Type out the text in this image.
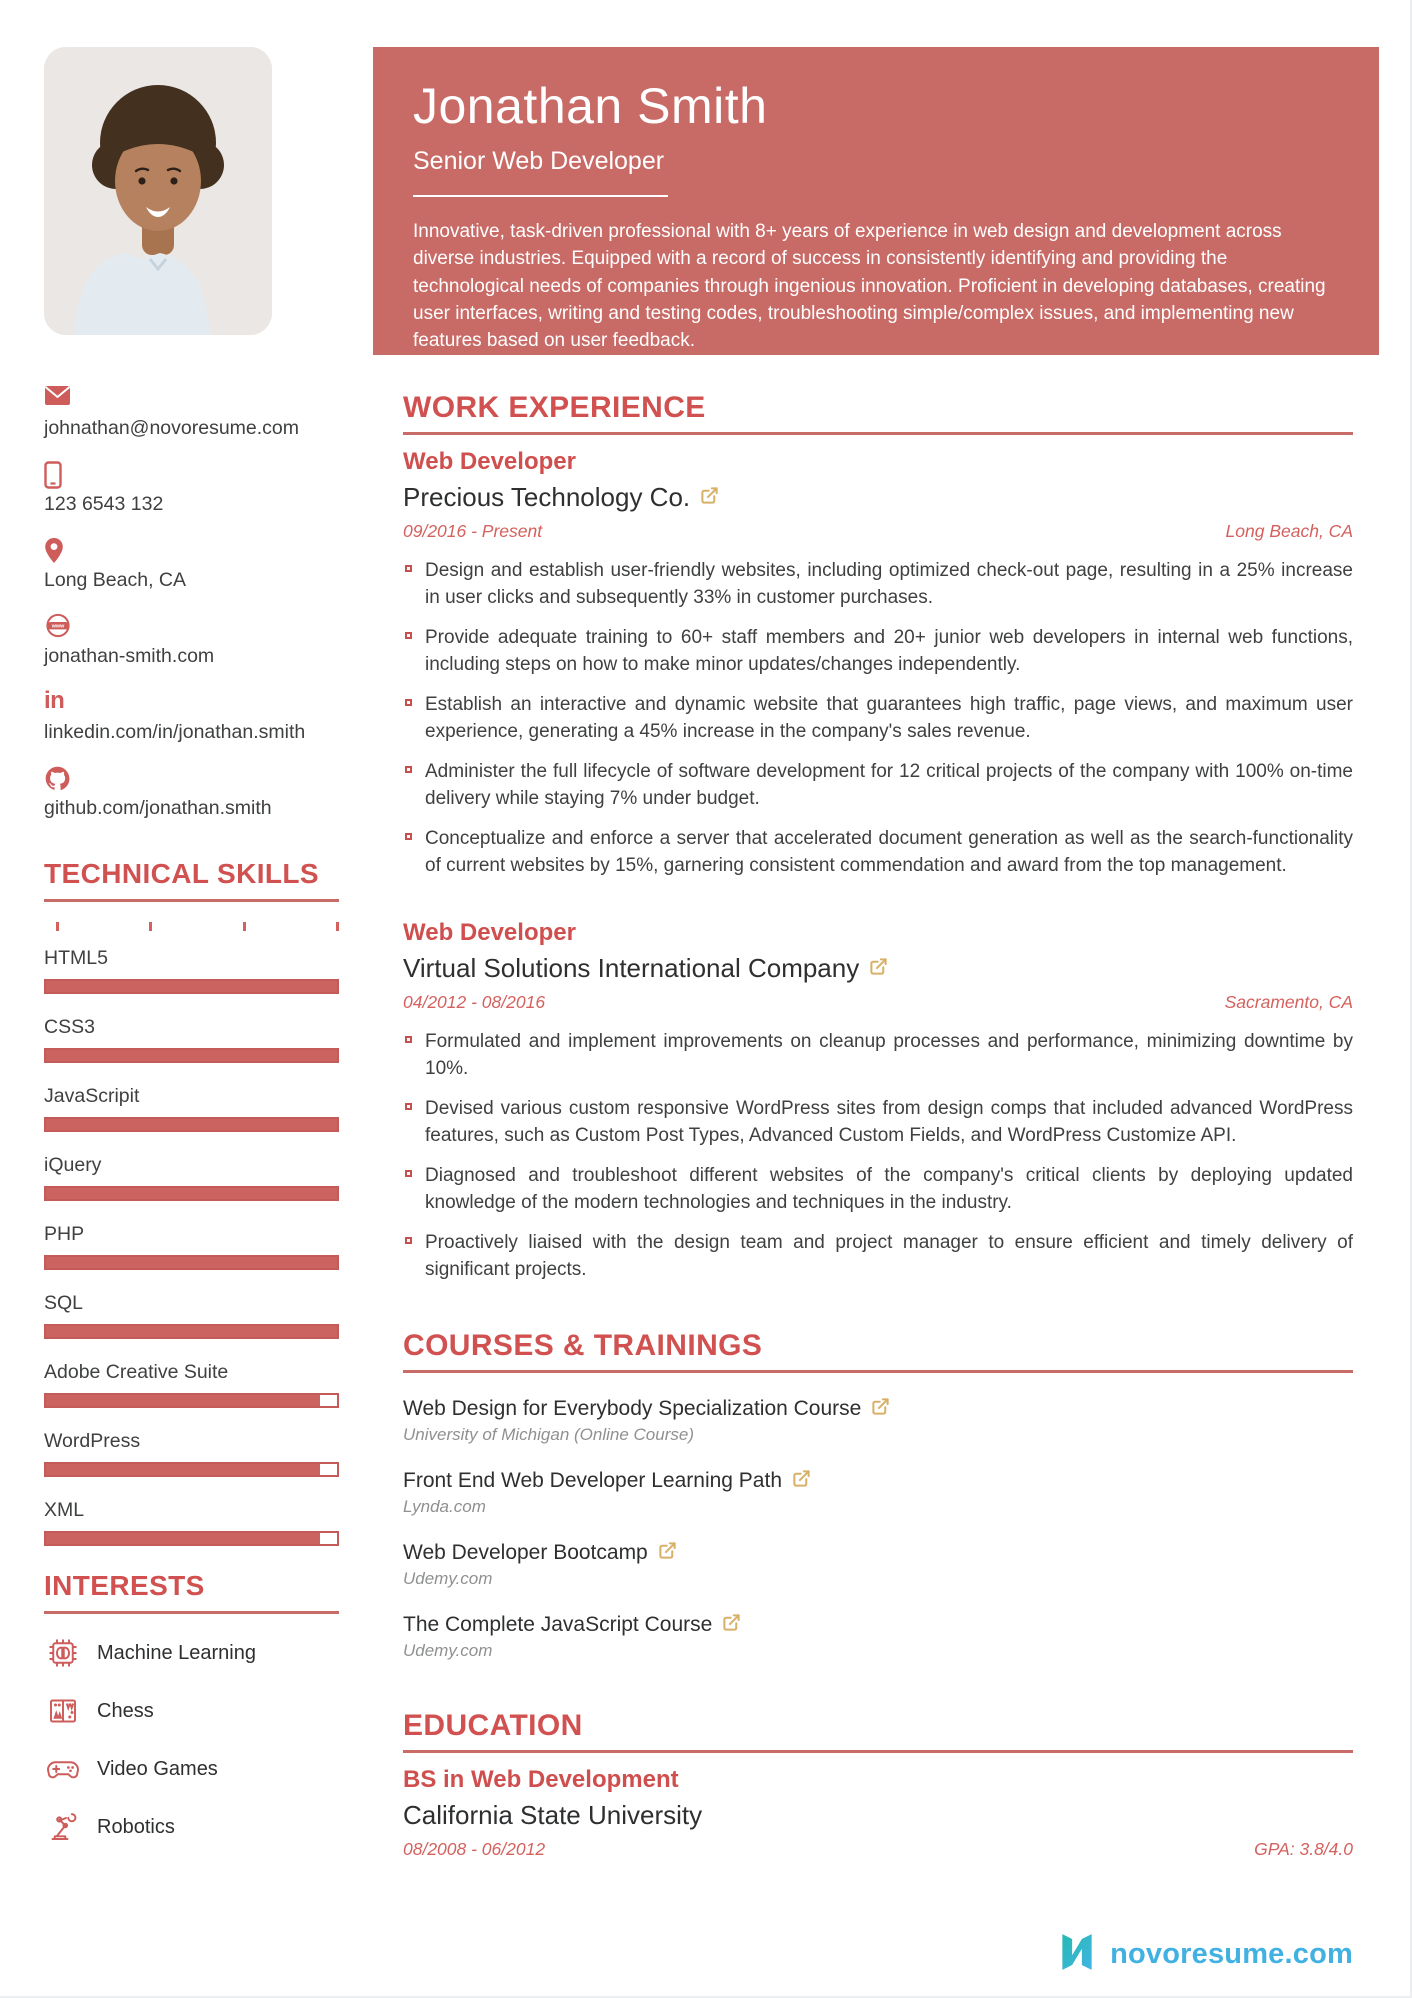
johnathan@novoresume.com
123 6543 132
Long Beach, CA
www
jonathan-smith.com
in
linkedin.com/in/jonathan.smith
github.com/jonathan.smith
TECHNICAL SKILLS
HTML5
CSS3
JavaScripit
iQuery
PHP
SQL
Adobe Creative Suite
WordPress
XML
INTERESTS
Machine Learning
Chess
Video Games
Robotics
Jonathan Smith
Senior Web Developer
Innovative, task-driven professional with 8+ years of experience in web design and development across diverse industries. Equipped with a record of success in consistently identifying and providing the technological needs of companies through ingenious innovation. Proficient in developing databases, creating user interfaces, writing and testing codes, troubleshooting simple/complex issues, and implementing new features based on user feedback.
WORK EXPERIENCE
Web Developer
Precious Technology Co.
09/2016 - Present	Long Beach, CA
Design and establish user-friendly websites, including optimized check-out page, resulting in a 25% increase in user clicks and subsequently 33% in customer purchases.
Provide adequate training to 60+ staff members and 20+ junior web developers in internal web functions, including steps on how to make minor updates/changes independently.
Establish an interactive and dynamic website that guarantees high traffic, page views, and maximum user experience, generating a 45% increase in the company's sales revenue.
Administer the full lifecycle of software development for 12 critical projects of the company with 100% on-time delivery while staying 7% under budget.
Conceptualize and enforce a server that accelerated document generation as well as the search-functionality of current websites by 15%, garnering consistent commendation and award from the top management.
Web Developer
Virtual Solutions International Company
04/2012 - 08/2016	Sacramento, CA
Formulated and implement improvements on cleanup processes and performance, minimizing downtime by 10%.
Devised various custom responsive WordPress sites from design comps that included advanced WordPress features, such as Custom Post Types, Advanced Custom Fields, and WordPress Customize API.
Diagnosed and troubleshoot different websites of the company's critical clients by deploying updated knowledge of the modern technologies and techniques in the industry.
Proactively liaised with the design team and project manager to ensure efficient and timely delivery of significant projects.
COURSES & TRAININGS
Web Design for Everybody Specialization Course
University of Michigan (Online Course)
Front End Web Developer Learning Path
Lynda.com
Web Developer Bootcamp
Udemy.com
The Complete JavaScript Course
Udemy.com
EDUCATION
BS in Web Development
California State University
08/2008 - 06/2012	GPA: 3.8/4.0
novoresume.com
